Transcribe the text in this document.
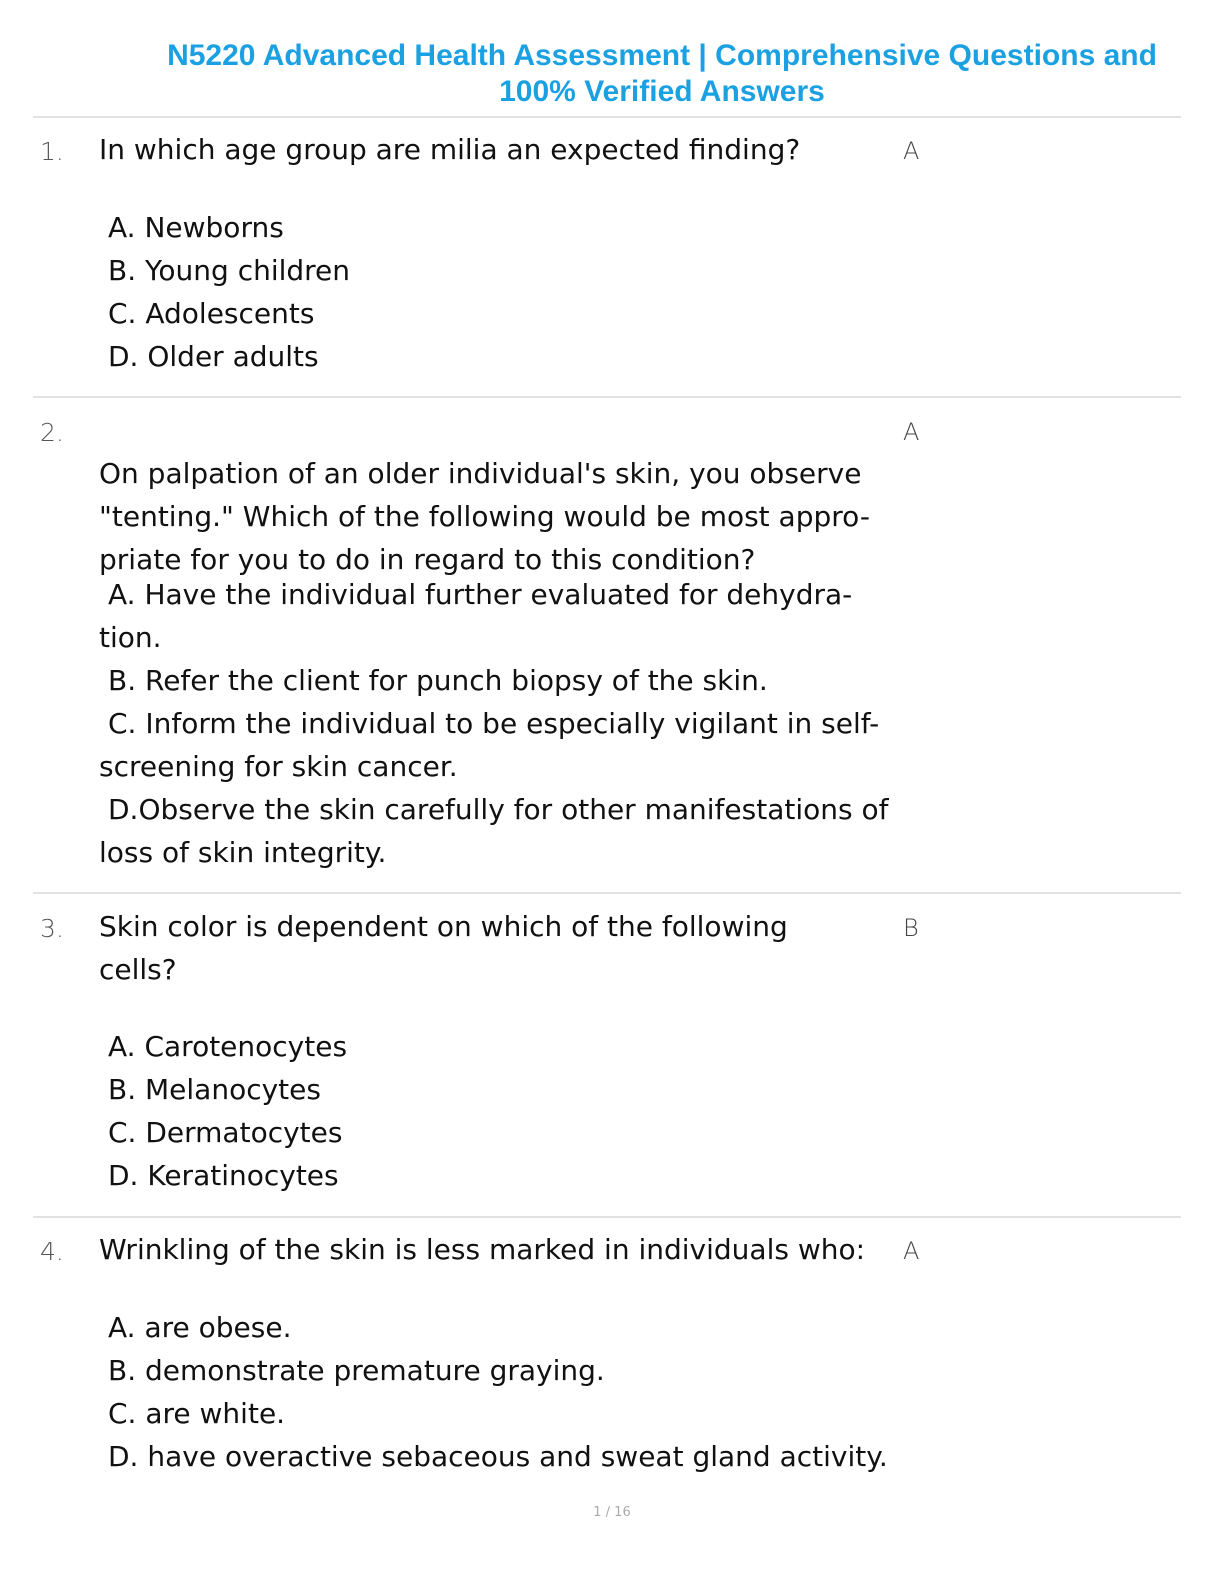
N5220 Advanced Health Assessment | Comprehensive Questions and
100% Verified Answers
1. In which age group are milia an expected finding?	A
A. Newborns
B. Young children
C. Adolescents
D. Older adults
2.

On palpation of an older individual's skin, you observe "tenting." Which of the following would be most appro- priate for you to do in regard to this condition?

A
A. Have the individual further evaluated for dehydra- tion.
B. Refer the client for punch biopsy of the skin.
C. Inform the individual to be especially vigilant in self-screening for skin cancer.
D.Observe the skin carefully for other manifestations of loss of skin integrity.
3. Skin color is dependent on which of the following cells?
B
A. Carotenocytes
B. Melanocytes
C. Dermatocytes
D. Keratinocytes
4. Wrinkling of the skin is less marked in individuals who:	A
A. are obese.
B. demonstrate premature graying.
C. are white.
D. have overactive sebaceous and sweat gland activity.
1 / 16
